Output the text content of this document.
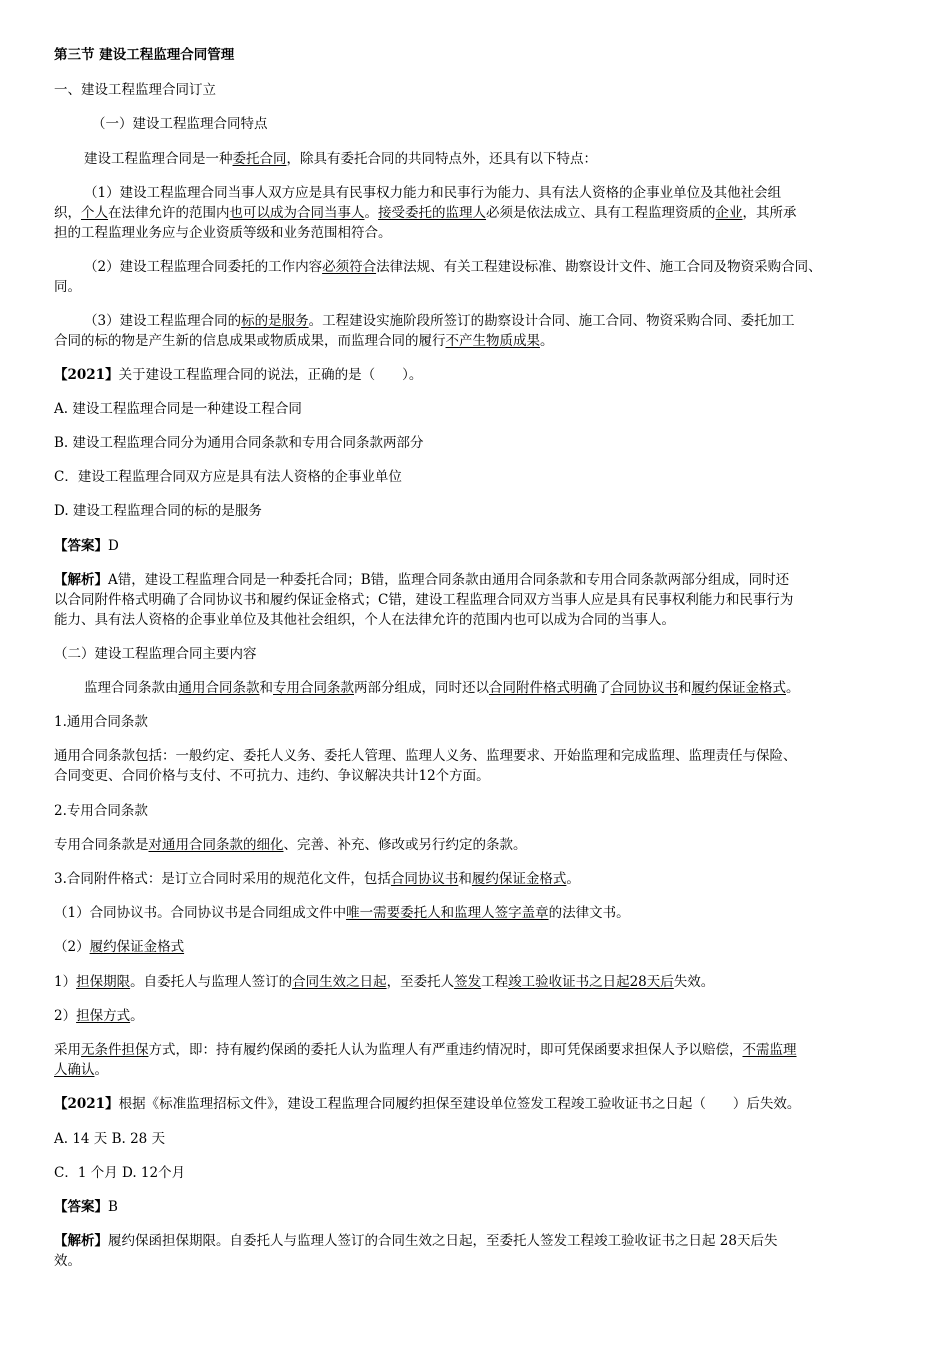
第三节 建设工程监理合同管理
一、建设工程监理合同订立
（一）建设工程监理合同特点
建设工程监理合同是一种委托合同，除具有委托合同的共同特点外，还具有以下特点：
（1）建设工程监理合同当事人双方应是具有民事权力能力和民事行为能力、具有法人资格的企事业单位及其他社会组
织，个人在法律允许的范围内也可以成为合同当事人。接受委托的监理人必须是依法成立、具有工程监理资质的企业，其所承
担的工程监理业务应与企业资质等级和业务范围相符合。
（2）建设工程监理合同委托的工作内容必须符合法律法规、有关工程建设标准、勘察设计文件、施工合同及物资采购合同、
同。
（3）建设工程监理合同的标的是服务。工程建设实施阶段所签订的勘察设计合同、施工合同、物资采购合同、委托加工
合同的标的物是产生新的信息成果或物质成果，而监理合同的履行不产生物质成果。
【2021】关于建设工程监理合同的说法，正确的是（　　）。
A. 建设工程监理合同是一种建设工程合同
B. 建设工程监理合同分为通用合同条款和专用合同条款两部分
C．建设工程监理合同双方应是具有法人资格的企事业单位
D. 建设工程监理合同的标的是服务
【答案】D
【解析】A错，建设工程监理合同是一种委托合同；B错，监理合同条款由通用合同条款和专用合同条款两部分组成，同时还
以合同附件格式明确了合同协议书和履约保证金格式；C错，建设工程监理合同双方当事人应是具有民事权利能力和民事行为
能力、具有法人资格的企事业单位及其他社会组织，个人在法律允许的范围内也可以成为合同的当事人。
（二）建设工程监理合同主要内容
监理合同条款由通用合同条款和专用合同条款两部分组成，同时还以合同附件格式明确了合同协议书和履约保证金格式。
1.通用合同条款
通用合同条款包括：一般约定、委托人义务、委托人管理、监理人义务、监理要求、开始监理和完成监理、监理责任与保险、
合同变更、合同价格与支付、不可抗力、违约、争议解决共计12个方面。
2.专用合同条款
专用合同条款是对通用合同条款的细化、完善、补充、修改或另行约定的条款。
3.合同附件格式：是订立合同时采用的规范化文件，包括合同协议书和履约保证金格式。
（1）合同协议书。合同协议书是合同组成文件中唯一需要委托人和监理人签字盖章的法律文书。
（2）履约保证金格式
1）担保期限。自委托人与监理人签订的合同生效之日起，至委托人签发工程竣工验收证书之日起28天后失效。
2）担保方式。
采用无条件担保方式，即：持有履约保函的委托人认为监理人有严重违约情况时，即可凭保函要求担保人予以赔偿，不需监理
人确认。
【2021】根据《标准监理招标文件》，建设工程监理合同履约担保至建设单位签发工程竣工验收证书之日起（　　）后失效。
A. 14 天 B. 28 天
C．1 个月 D. 12个月
【答案】B
【解析】履约保函担保期限。自委托人与监理人签订的合同生效之日起，至委托人签发工程竣工验收证书之日起 28天后失
效。
